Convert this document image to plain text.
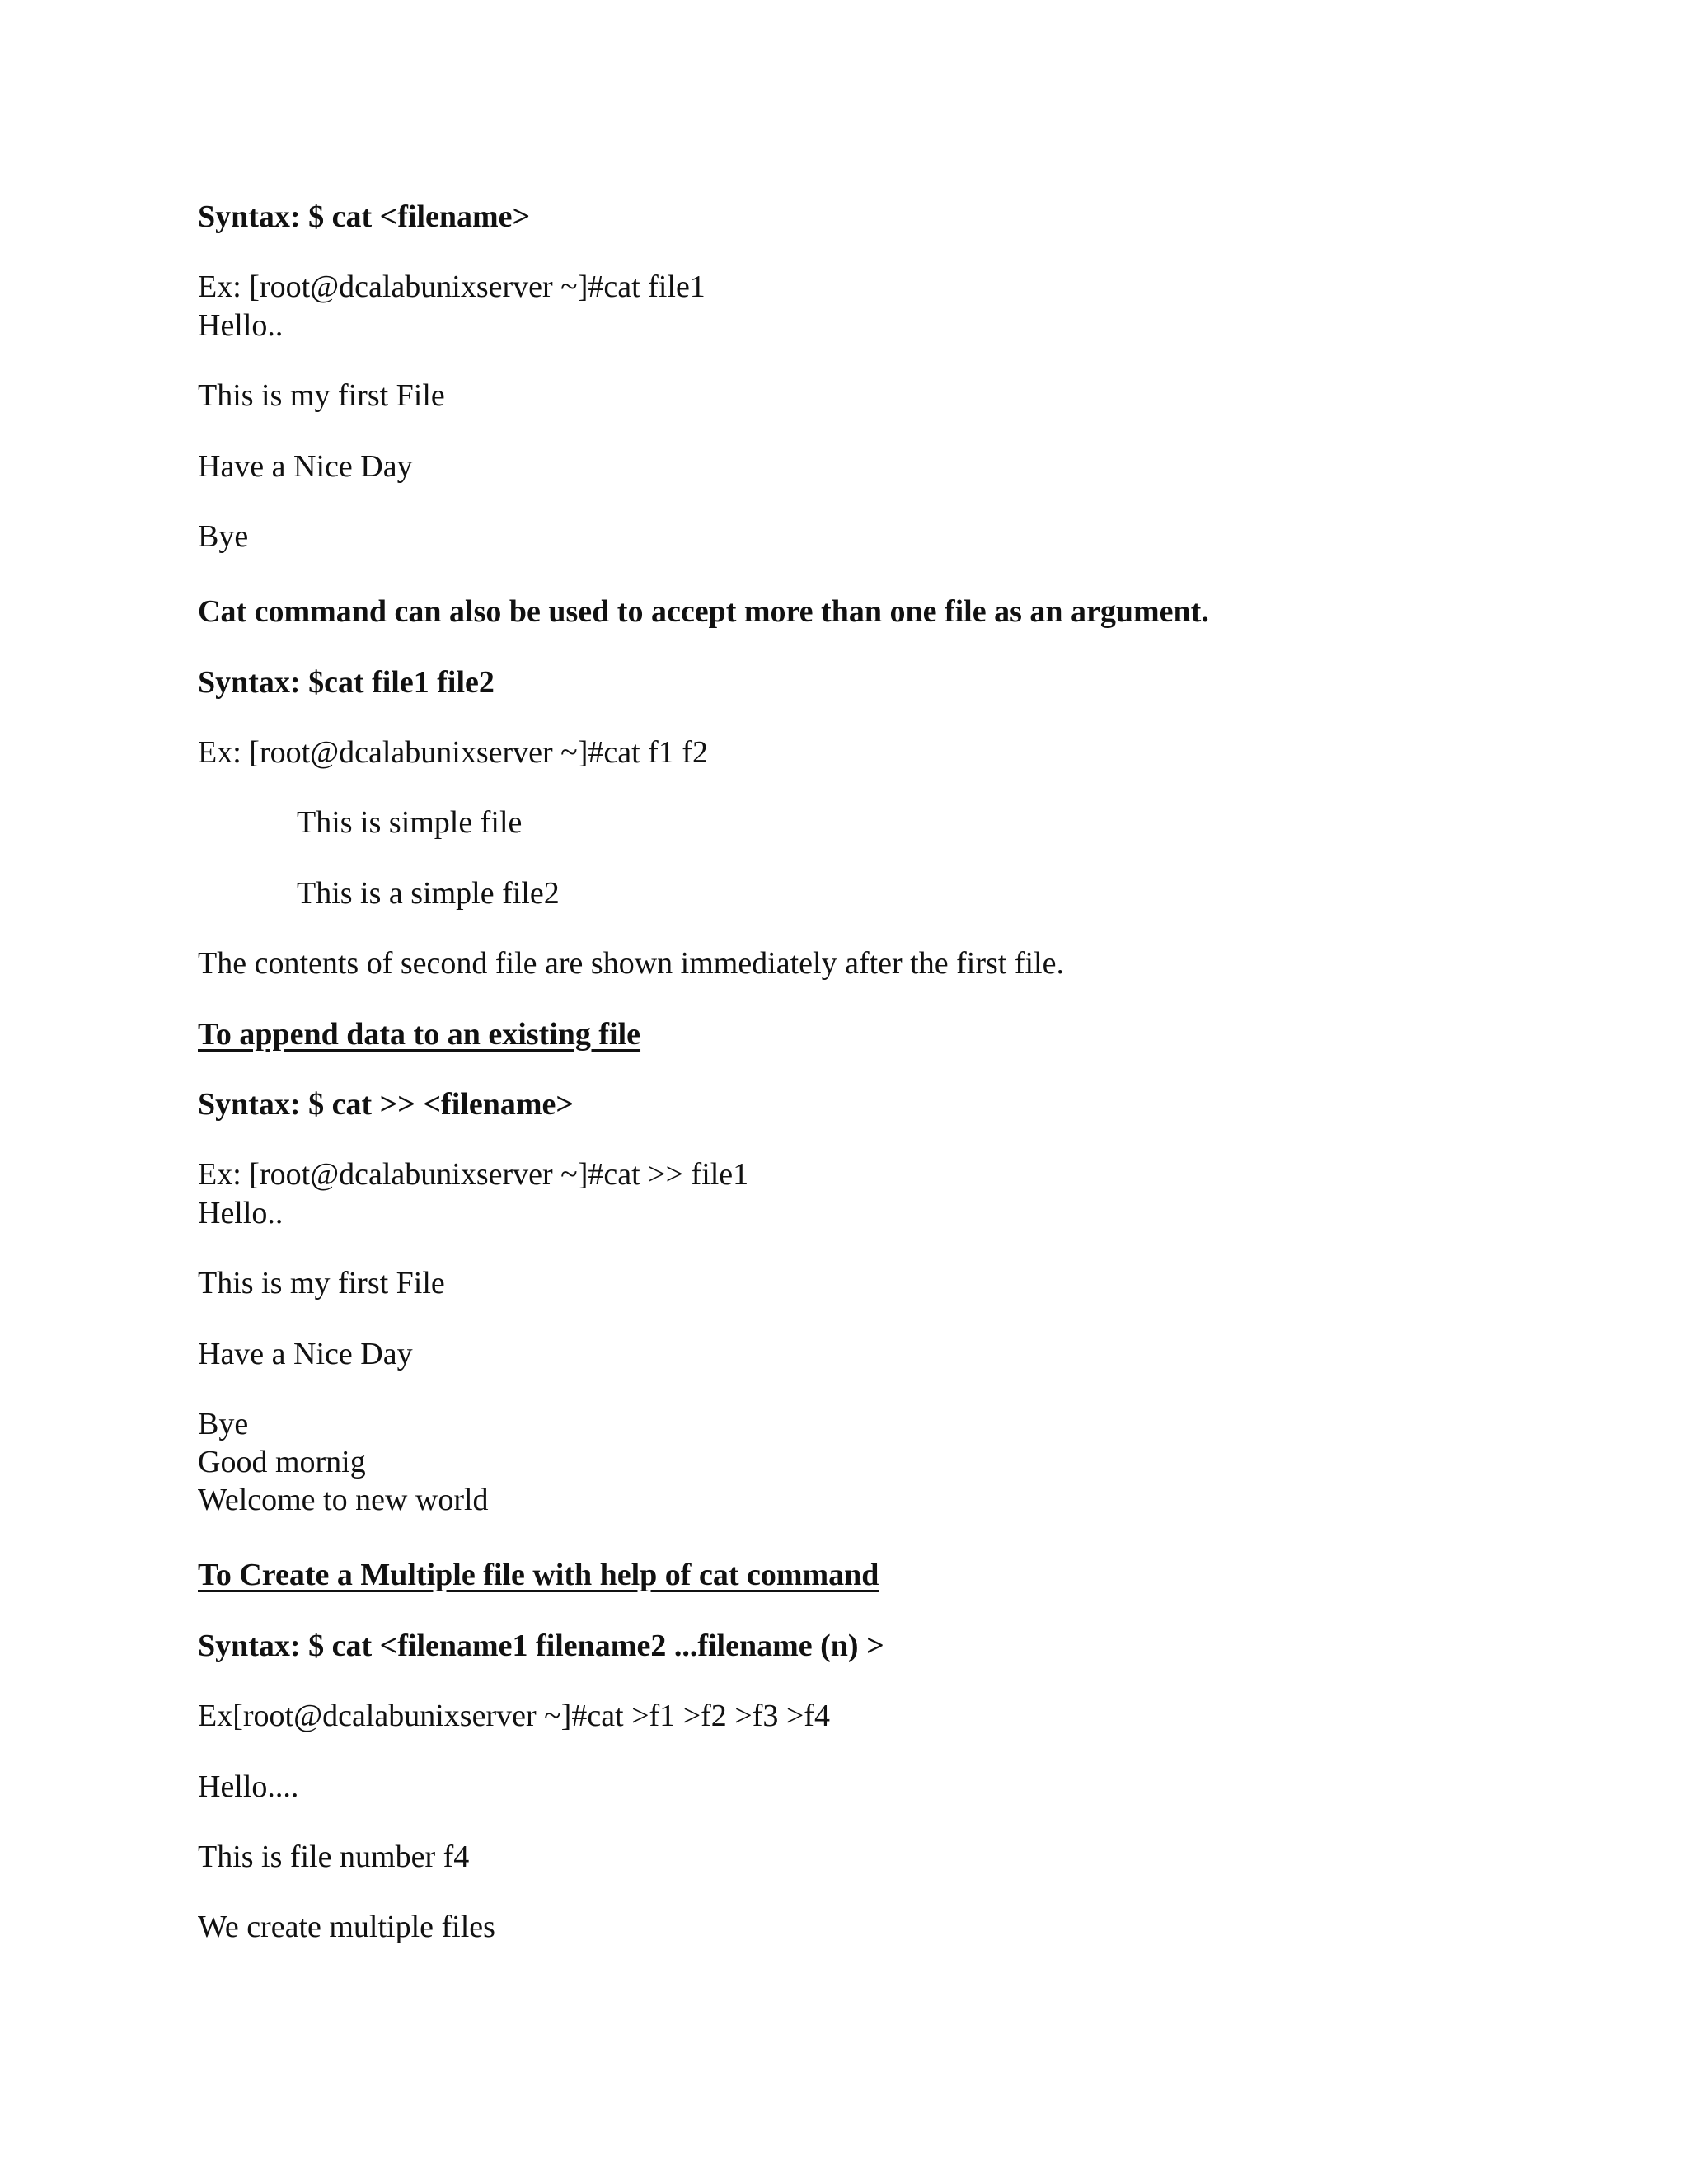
Syntax: $ cat <filename>

Ex: [root@dcalabunixserver ~]#cat file1

Hello..

This is my first File

Have a Nice Day

Bye

Cat command can also be used to accept more than one file as an argument.

Syntax: $cat file1 file2

Ex: [root@dcalabunixserver ~]#cat f1 f2

This is simple file

This is a simple file2

The contents of second file are shown immediately after the first file.

To append data to an existing file

Syntax: $ cat >> <filename>

Ex: [root@dcalabunixserver ~]#cat >> file1

Hello..

This is my first File

Have a Nice Day

Bye

Good mornig

Welcome to new world

To Create a Multiple file with help of cat command

Syntax: $ cat <filename1 filename2 ...filename (n) >

Ex[root@dcalabunixserver ~]#cat >f1 >f2 >f3 >f4

Hello....

This is file number f4

We create multiple files
